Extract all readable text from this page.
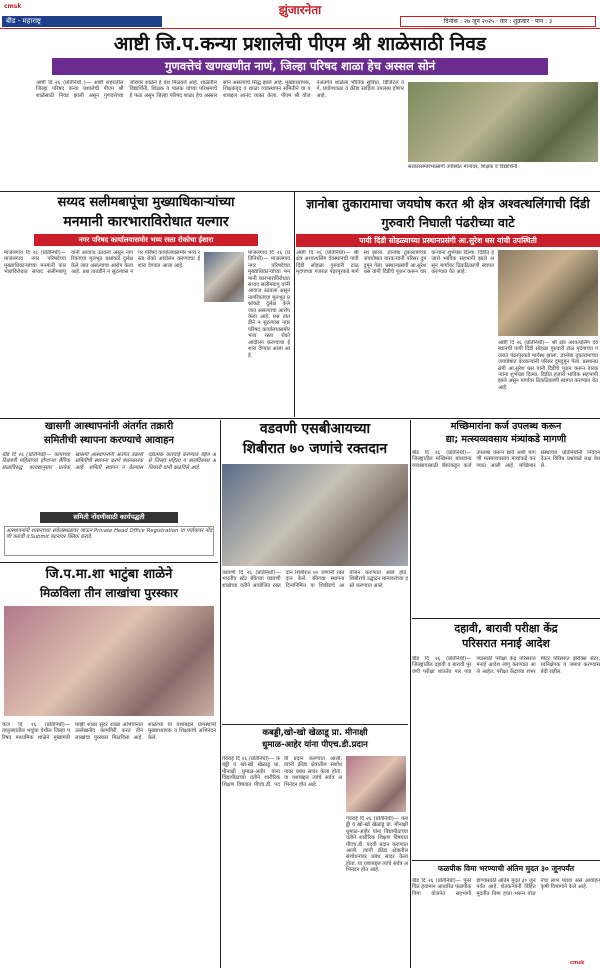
cmsk	झुंजारनेता
बीड - महाराष्ट्र	दिनांक : २७ जून २०२५ · वार : शुक्रवार · पान : ३
आष्टी जि.प.कन्या प्रशालेची पीएम श्री शाळेसाठी निवड
गुणवत्तेचं खणखणीत नाणं, जिल्हा परिषद शाळा हेच अस्सल सोनं
आष्टी दि २६ (प्रतिनिधी )— आष्टी शहरातील जिल्हा परिषद कन्या प्रशालेची पीएम श्री शाळेसाठी निवड झाली असून गुणवत्तेच्या जोरावर शाळेने हे यश मिळवले आहे. शाळेतील विद्यार्थिनी, शिक्षक व पालक यांच्या परिश्रमाचे हे फळ असून जिल्हा परिषद शाळा हेच अस्सल सोनं असल्याचे सिद्ध झाले आहे. मुख्याध्यापक, शिक्षकवृंद व शाळा व्यवस्थापन समितीने या यशाबद्दल आनंद व्यक्त केला. पीएम श्री योजनेअंतर्गत शाळेला भौतिक सुविधा, डिजिटल वर्ग, प्रयोगशाळा व क्रीडा साहित्य उपलब्ध होणार आहे.
सत्कारसमारंभप्रसंगी उपस्थित मान्यवर, शिक्षक व विद्यार्थिनी
सय्यद सलीमबापूंचा मुख्याधिकाऱ्यांच्या
मनमानी कारभाराविरोधात यल्गार
नगर परिषद कार्यालयासमोर भव्य रस्ता रोकोचा ईशारा
माजलगाव दि २६ (प्रतिनिधी)— माजलगाव नगर परिषदेच्या मुख्याधिकाऱ्यांच्या मनमानी कारभाराविरोधात सय्यद सलीमबापू यांनी आवाज उठवला असून नागरिकांच्या मूलभूत प्रश्नांकडे दुर्लक्ष केले जात असल्याचा आरोप केला आहे. प्रश्न तातडीने न सुटल्यास नगर परिषद कार्यालयासमोर भव्य रस्ता रोको आंदोलन करण्याचा ईशारा देण्यात आला आहे.
माजलगाव दि २६ (प्रतिनिधी)— माजलगाव नगर परिषदेच्या मुख्याधिकाऱ्यांच्या मनमानी कारभाराविरोधात सय्यद सलीमबापू यांनी आवाज उठवला असून नागरिकांच्या मूलभूत प्रश्नांकडे दुर्लक्ष केले जात असल्याचा आरोप केला आहे. प्रश्न तातडीने न सुटल्यास नगर परिषद कार्यालयासमोर भव्य रस्ता रोको आंदोलन करण्याचा ईशारा देण्यात आला आहे.
ज्ञानोबा तुकारामाचा जयघोष करत श्री क्षेत्र अश्वत्थलिंगाची दिंडी गुरुवारी निघाली पंढरीच्या वाटे
पायी दिंडी सोहळ्याच्या प्रस्थानप्रसंगी आ.सुरेश धस यांची उपस्थिती
आष्टी दि २६ (प्रतिनिधी)— श्री क्षेत्र अश्वत्थलिंग देवस्थानची पायी दिंडी सोहळा गुरुवारी टाळ मृदंगाच्या गजरात पंढरपूरकडे मार्गस्थ झाला. ज्ञानोबा तुकारामाच्या जयघोषात वारकऱ्यांनी परिसर दुमदुमून गेला. प्रस्थानप्रसंगी आ.सुरेश धस यांनी दिंडीचे पूजन करून वारकऱ्यांना शुभेच्छा दिल्या. दिंडीत हजारो भाविक सहभागी झाले असून मार्गावर ठिकठिकाणी स्वागत करण्यात येत आहे.
आष्टी दि २६ (प्रतिनिधी)— श्री क्षेत्र अश्वत्थलिंग देवस्थानची पायी दिंडी सोहळा गुरुवारी टाळ मृदंगाच्या गजरात पंढरपूरकडे मार्गस्थ झाला. ज्ञानोबा तुकारामाच्या जयघोषात वारकऱ्यांनी परिसर दुमदुमून गेला. प्रस्थानप्रसंगी आ.सुरेश धस यांनी दिंडीचे पूजन करून वारकऱ्यांना शुभेच्छा दिल्या. दिंडीत हजारो भाविक सहभागी झाले असून मार्गावर ठिकठिकाणी स्वागत करण्यात येत आहे.
खासगी आस्थापनांनी अंतर्गत तक्रारी
समितीची स्थापना करण्याचे आवाहन
बीड दि २६ (प्रतिनिधी)— कामाच्या ठिकाणी महिलांच्या होणाऱ्या लैंगिक छळाविरुद्ध कायद्यानुसार प्रत्येक खासगी आस्थापनांनी अंतर्गत तक्रारी समितीची स्थापना करणे बंधनकारक आहे. समिती स्थापन न केल्यास दंडात्मक कारवाई करण्यात येईल असे जिल्हा महिला व बालविकास अधिकारी यांनी कळविले आहे.
समिती नोंदणीसाठी कार्यपद्धती
आस्थापनांनी शासनाच्या संकेतस्थळावर जाऊन Private Head Office Registration या पर्यायावर नोंदणी करावी व Submit बटनावर क्लिक करावे.
जि.प.मा.शा भाटुंबा शाळेने
मिळविला तीन लाखांचा पुरस्कार
केज दि २६ (प्रतिनिधी)— तालुक्यातील भाटुंबा येथील जिल्हा परिषद माध्यमिक शाळेने मुख्यमंत्री माझी शाळा सुंदर शाळा अभियानात उल्लेखनीय कामगिरी करत तीन लाखांचा पुरस्कार मिळविला आहे. शाळेच्या या यशाबद्दल ग्रामस्थांनी मुख्याध्यापक व शिक्षकांचे अभिनंदन केले.
वडवणी एसबीआयच्या
शिबीरात ७० जणांचे रक्तदान
वडवणी दि २६ (प्रतिनिधी)— भारतीय स्टेट बँकेच्या वडवणी शाखेच्या वतीने आयोजित रक्तदान शिबीरात ७० जणांनी रक्तदान केले. बँकेच्या स्थापना दिनानिमित्त या शिबीराचे आयोजन करण्यात आले होते. शिबीराचे उद्घाटन मान्यवरांच्या हस्ते करण्यात आले.
कबड्डी,खो-खो खेळाडू प्रा. मीनाक्षी
धुमाळ-आहेर यांना पीएच.डी.प्रदान
गेवराई दि २६ (प्रतिनिधी)— कबड्डी व खो-खो खेळाडू प्रा. मीनाक्षी धुमाळ-आहेर यांना विद्यापीठाच्या वतीने शारीरिक शिक्षण विषयात पीएच.डी. पदवी प्रदान करण्यात आली. त्यांनी क्रीडा क्षेत्रातील संशोधनावर प्रबंध सादर केला होता. या यशाबद्दल त्यांचे सर्वत्र अभिनंदन होत आहे.
गेवराई दि २६ (प्रतिनिधी)— कबड्डी व खो-खो खेळाडू प्रा. मीनाक्षी धुमाळ-आहेर यांना विद्यापीठाच्या वतीने शारीरिक शिक्षण विषयात पीएच.डी. पदवी प्रदान करण्यात आली. त्यांनी क्रीडा क्षेत्रातील संशोधनावर प्रबंध सादर केला होता. या यशाबद्दल त्यांचे सर्वत्र अभिनंदन होत आहे.
मच्छिमारांना कर्ज उपलब्ध करून
द्या; मत्स्यव्यवसाय मंत्र्यांकडे मागणी
बीड दि २६ (प्रतिनिधी)— जिल्ह्यातील मच्छिमार बांधवांना व्यवसायासाठी बँकांकडून कर्ज उपलब्ध करून द्यावे अशी मागणी मत्स्यव्यवसाय मंत्र्यांकडे करण्यात आली आहे. मच्छिमार संस्थांच्या प्रतिनिधींनी निवेदन देऊन विविध प्रश्नांकडे लक्ष वेधले.
दहावी, बारावी परीक्षा केंद्र
परिसरात मनाई आदेश
बीड दि २६ (प्रतिनिधी)— जिल्ह्यातील दहावी व बारावी पुरवणी परीक्षा शांततेत पार पाडण्यासाठी परीक्षा केंद्र परिसरात मनाई आदेश लागू करण्यात आले आहेत. परीक्षा केंद्राच्या शंभर मीटर परिसरात झेरॉक्स सेंटर, ध्वनिक्षेपक व जमाव करण्यास बंदी राहील.
फळपीक विमा भरण्याची अंतिम मुदत ३० जूनपर्यंत
बीड दि २६ (प्रतिनिधी)— पुनर्रचित हवामान आधारित फळपीक विमा योजनेत सहभागी होण्यासाठी अंतिम मुदत ३० जून पर्यंत आहे. शेतकऱ्यांनी विहित मुदतीत विमा हप्ता भरून योजनेचा लाभ घ्यावा असे आवाहन कृषी विभागाने केले आहे.
cmsk
